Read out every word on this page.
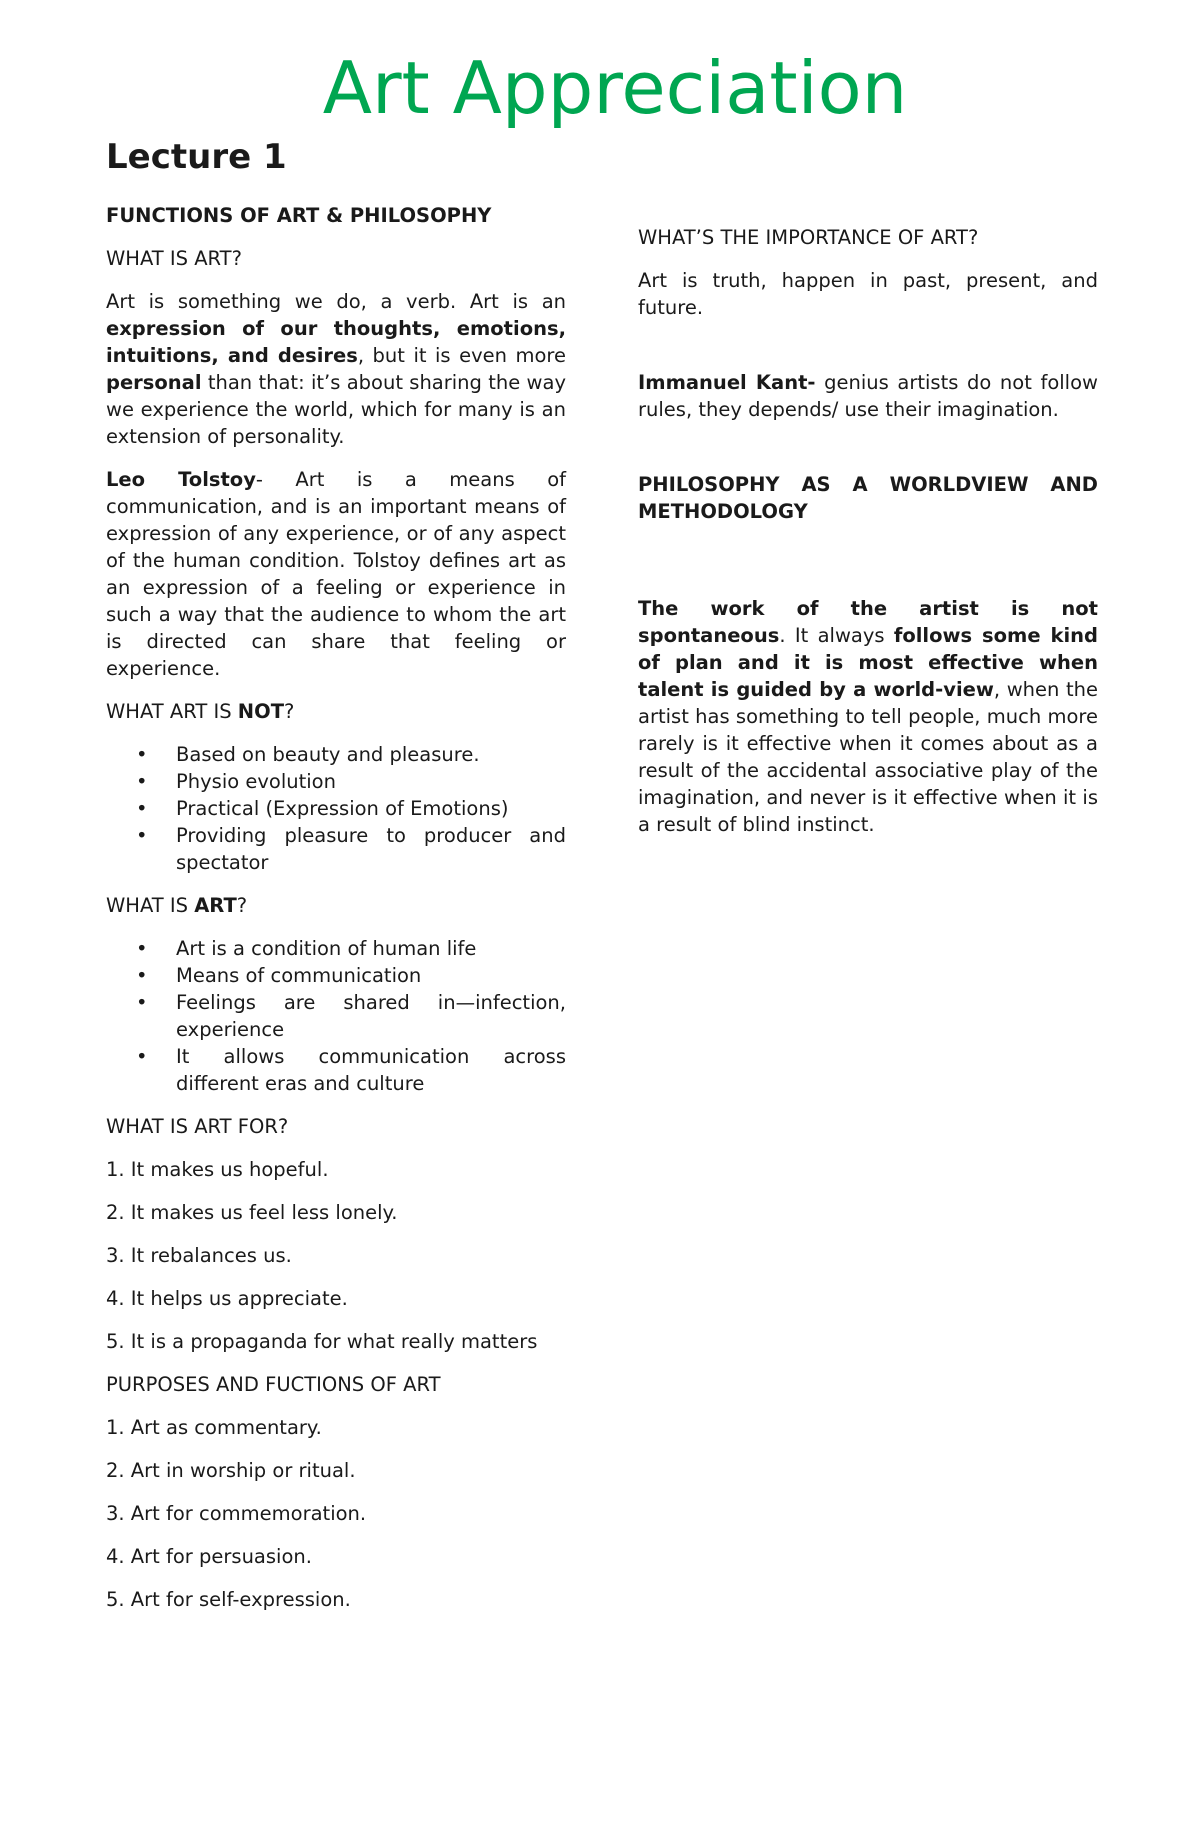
Art Appreciation
Lecture 1

FUNCTIONS OF ART & PHILOSOPHY

WHAT IS ART?

Art is something we do, a verb. Art is an expression of our thoughts, emotions, intuitions, and desires, but it is even more personal than that: it’s about sharing the way we experience the world, which for many is an extension of personality.

Leo Tolstoy- Art is a means of communication, and is an important means of expression of any experience, or of any aspect of the human condition. Tolstoy defines art as an expression of a feeling or experience in such a way that the audience to whom the art is directed can share that feeling or experience.

WHAT ART IS NOT?

• Based on beauty and pleasure.
• Physio evolution
• Practical (Expression of Emotions)
• Providing pleasure to producer and spectator

WHAT IS ART?

• Art is a condition of human life
• Means of communication
• Feelings are shared in—infection, experience
• It allows communication across different eras and culture

WHAT IS ART FOR?

1. It makes us hopeful.

2. It makes us feel less lonely.

3. It rebalances us.

4. It helps us appreciate.

5. It is a propaganda for what really matters

PURPOSES AND FUCTIONS OF ART

1. Art as commentary.

2. Art in worship or ritual.

3. Art for commemoration.

4. Art for persuasion.

5. Art for self-expression.

WHAT’S THE IMPORTANCE OF ART?

Art is truth, happen in past, present, and future.

Immanuel Kant- genius artists do not follow rules, they depends/ use their imagination.

PHILOSOPHY AS A WORLDVIEW AND METHODOLOGY

The work of the artist is not spontaneous. It always follows some kind of plan and it is most effective when talent is guided by a world-view, when the artist has something to tell people, much more rarely is it effective when it comes about as a result of the accidental associative play of the imagination, and never is it effective when it is a result of blind instinct.
